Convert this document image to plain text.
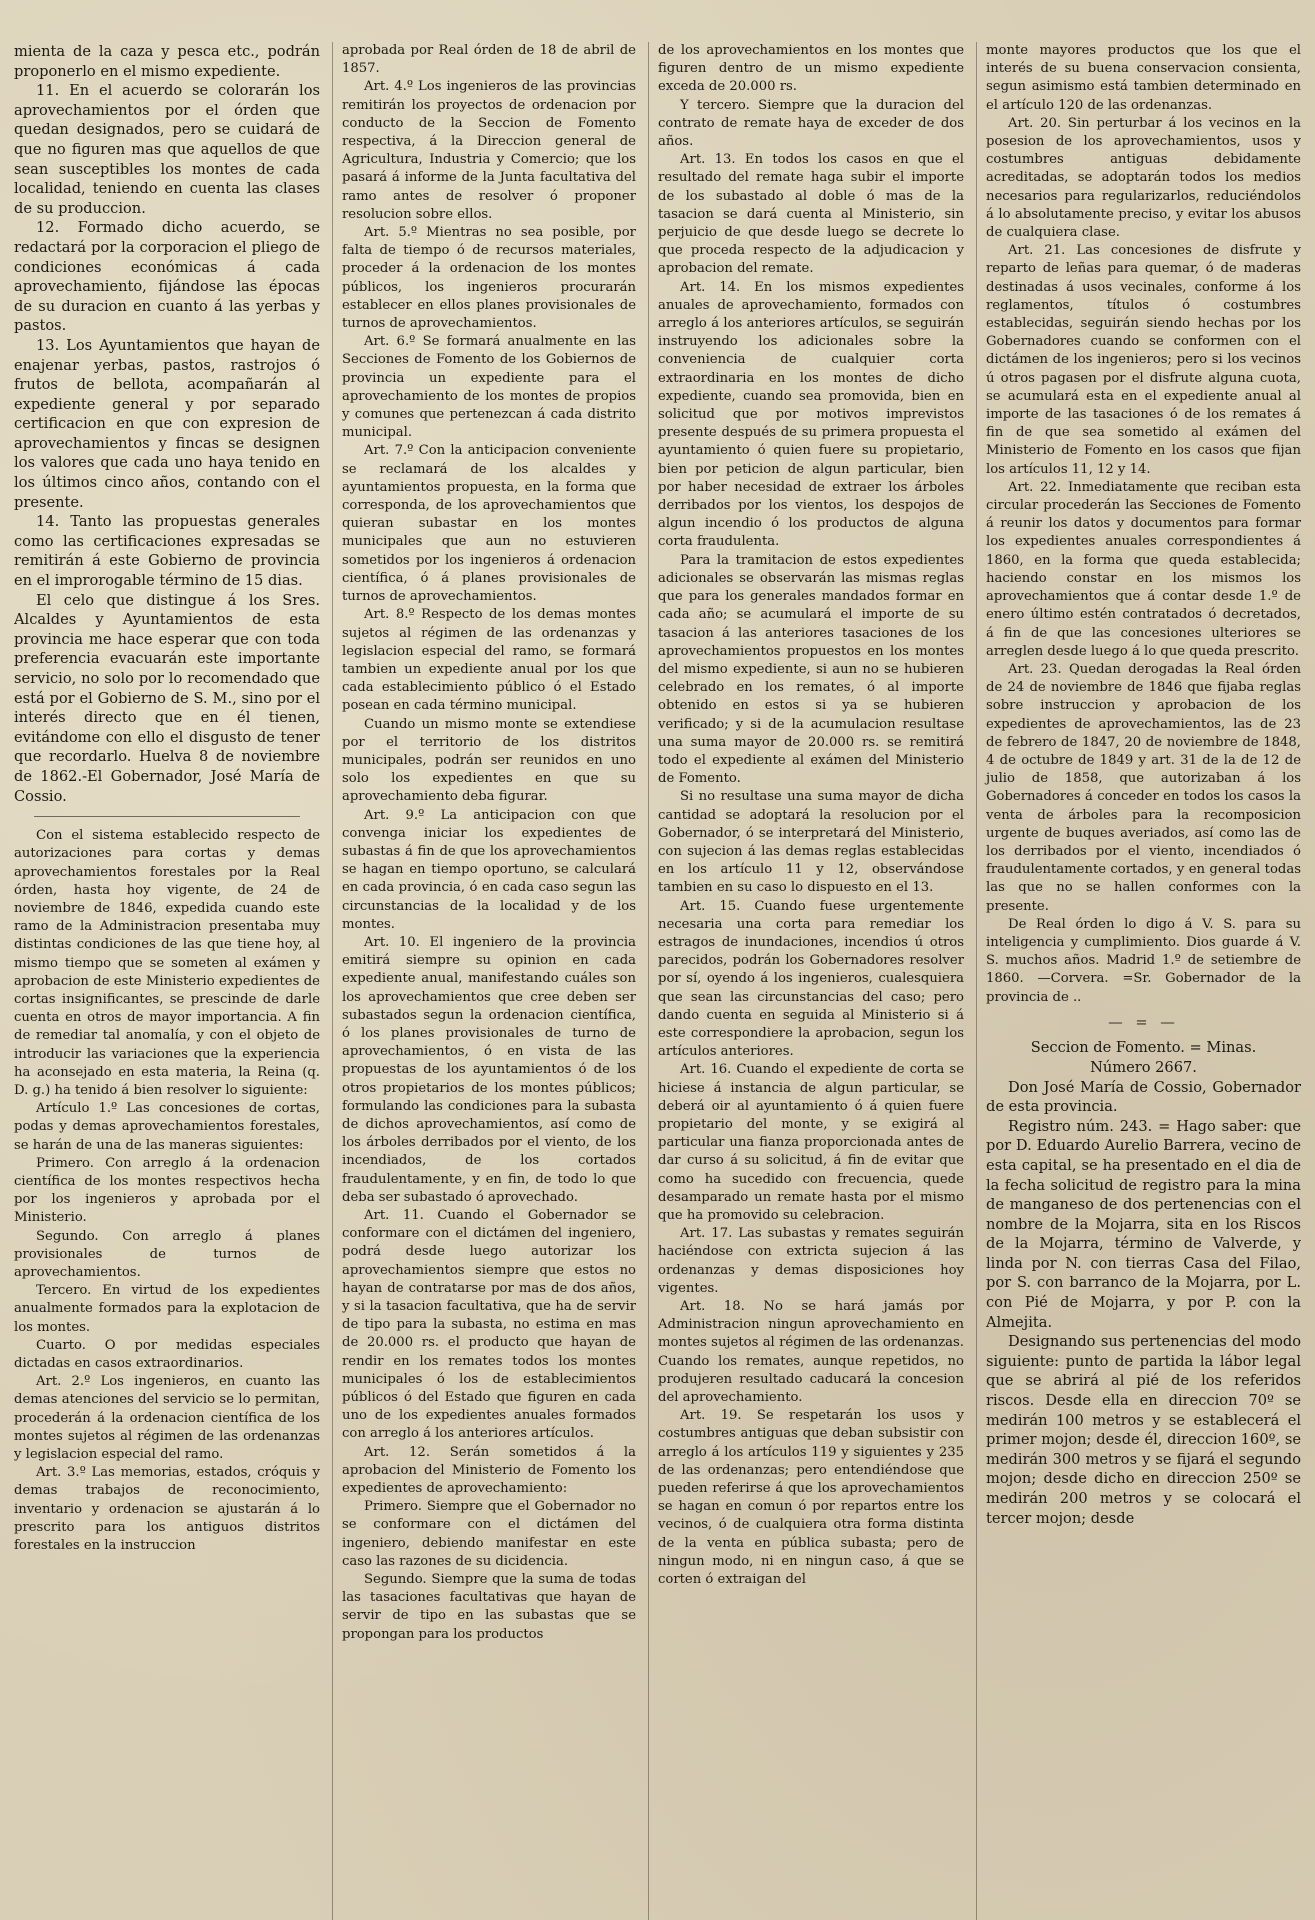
mienta de la caza y pesca etc., podrán proponerlo en el mismo expediente.

11. En el acuerdo se colorarán los aprovechamientos por el órden que quedan designados, pero se cuidará de que no figuren mas que aquellos de que sean susceptibles los montes de cada localidad, teniendo en cuenta las clases de su produccion.

12. Formado dicho acuerdo, se redactará por la corporacion el pliego de condiciones económicas á cada aprovechamiento, fijándose las épocas de su duracion en cuanto á las yerbas y pastos.

13. Los Ayuntamientos que hayan de enajenar yerbas, pastos, rastrojos ó frutos de bellota, acompañarán al expediente general y por separado certificacion en que con expresion de aprovechamientos y fincas se designen los valores que cada uno haya tenido en los últimos cinco años, contando con el presente.

14. Tanto las propuestas generales como las certificaciones expresadas se remitirán á este Gobierno de provincia en el improrogable término de 15 dias.

El celo que distingue á los Sres. Alcaldes y Ayuntamientos de esta provincia me hace esperar que con toda preferencia evacuarán este importante servicio, no solo por lo recomendado que está por el Gobierno de S. M., sino por el interés directo que en él tienen, evitándome con ello el disgusto de tener que recordarlo. Huelva 8 de noviembre de 1862.-El Gobernador, José María de Cossio.

Con el sistema establecido respecto de autorizaciones para cortas y demas aprovechamientos forestales por la Real órden, hasta hoy vigente, de 24 de noviembre de 1846, expedida cuando este ramo de la Administracion presentaba muy distintas condiciones de las que tiene hoy, al mismo tiempo que se someten al exámen y aprobacion de este Ministerio expedientes de cortas insignificantes, se prescinde de darle cuenta en otros de mayor importancia. A fin de remediar tal anomalía, y con el objeto de introducir las variaciones que la experiencia ha aconsejado en esta materia, la Reina (q. D. g.) ha tenido á bien resolver lo siguiente:

Artículo 1.º Las concesiones de cortas, podas y demas aprovechamientos forestales, se harán de una de las maneras siguientes:

Primero. Con arreglo á la ordenacion científica de los montes respectivos hecha por los ingenieros y aprobada por el Ministerio.

Segundo. Con arreglo á planes provisionales de turnos de aprovechamientos.

Tercero. En virtud de los expedientes anualmente formados para la explotacion de los montes.

Cuarto. O por medidas especiales dictadas en casos extraordinarios.

Art. 2.º Los ingenieros, en cuanto las demas atenciones del servicio se lo permitan, procederán á la ordenacion científica de los montes sujetos al régimen de las ordenanzas y legislacion especial del ramo.

Art. 3.º Las memorias, estados, cróquis y demas trabajos de reconocimiento, inventario y ordenacion se ajustarán á lo prescrito para los antiguos distritos forestales en la instruccion

aprobada por Real órden de 18 de abril de 1857.

Art. 4.º Los ingenieros de las provincias remitirán los proyectos de ordenacion por conducto de la Seccion de Fomento respectiva, á la Direccion general de Agricultura, Industria y Comercio; que los pasará á informe de la Junta facultativa del ramo antes de resolver ó proponer resolucion sobre ellos.

Art. 5.º Mientras no sea posible, por falta de tiempo ó de recursos materiales, proceder á la ordenacion de los montes públicos, los ingenieros procurarán establecer en ellos planes provisionales de turnos de aprovechamientos.

Art. 6.º Se formará anualmente en las Secciones de Fomento de los Gobiernos de provincia un expediente para el aprovechamiento de los montes de propios y comunes que pertenezcan á cada distrito municipal.

Art. 7.º Con la anticipacion conveniente se reclamará de los alcaldes y ayuntamientos propuesta, en la forma que corresponda, de los aprovechamientos que quieran subastar en los montes municipales que aun no estuvieren sometidos por los ingenieros á ordenacion científica, ó á planes provisionales de turnos de aprovechamientos.

Art. 8.º Respecto de los demas montes sujetos al régimen de las ordenanzas y legislacion especial del ramo, se formará tambien un expediente anual por los que cada establecimiento público ó el Estado posean en cada término municipal.

Cuando un mismo monte se extendiese por el territorio de los distritos municipales, podrán ser reunidos en uno solo los expedientes en que su aprovechamiento deba figurar.

Art. 9.º La anticipacion con que convenga iniciar los expedientes de subastas á fin de que los aprovechamientos se hagan en tiempo oportuno, se calculará en cada provincia, ó en cada caso segun las circunstancias de la localidad y de los montes.

Art. 10. El ingeniero de la provincia emitirá siempre su opinion en cada expediente anual, manifestando cuáles son los aprovechamientos que cree deben ser subastados segun la ordenacion científica, ó los planes provisionales de turno de aprovechamientos, ó en vista de las propuestas de los ayuntamientos ó de los otros propietarios de los montes públicos; formulando las condiciones para la subasta de dichos aprovechamientos, así como de los árboles derribados por el viento, de los incendiados, de los cortados fraudulentamente, y en fin, de todo lo que deba ser subastado ó aprovechado.

Art. 11. Cuando el Gobernador se conformare con el dictámen del ingeniero, podrá desde luego autorizar los aprovechamientos siempre que estos no hayan de contratarse por mas de dos años, y si la tasacion facultativa, que ha de servir de tipo para la subasta, no estima en mas de 20.000 rs. el producto que hayan de rendir en los remates todos los montes municipales ó los de establecimientos públicos ó del Estado que figuren en cada uno de los expedientes anuales formados con arreglo á los anteriores artículos.

Art. 12. Serán sometidos á la aprobacion del Ministerio de Fomento los expedientes de aprovechamiento:

Primero. Siempre que el Gobernador no se conformare con el dictámen del ingeniero, debiendo manifestar en este caso las razones de su dicidencia.

Segundo. Siempre que la suma de todas las tasaciones facultativas que hayan de servir de tipo en las subastas que se propongan para los productos

de los aprovechamientos en los montes que figuren dentro de un mismo expediente exceda de 20.000 rs.

Y tercero. Siempre que la duracion del contrato de remate haya de exceder de dos años.

Art. 13. En todos los casos en que el resultado del remate haga subir el importe de los subastado al doble ó mas de la tasacion se dará cuenta al Ministerio, sin perjuicio de que desde luego se decrete lo que proceda respecto de la adjudicacion y aprobacion del remate.

Art. 14. En los mismos expedientes anuales de aprovechamiento, formados con arreglo á los anteriores artículos, se seguirán instruyendo los adicionales sobre la conveniencia de cualquier corta extraordinaria en los montes de dicho expediente, cuando sea promovida, bien en solicitud que por motivos imprevistos presente después de su primera propuesta el ayuntamiento ó quien fuere su propietario, bien por peticion de algun particular, bien por haber necesidad de extraer los árboles derribados por los vientos, los despojos de algun incendio ó los productos de alguna corta fraudulenta.

Para la tramitacion de estos expedientes adicionales se observarán las mismas reglas que para los generales mandados formar en cada año; se acumulará el importe de su tasacion á las anteriores tasaciones de los aprovechamientos propuestos en los montes del mismo expediente, si aun no se hubieren celebrado en los remates, ó al importe obtenido en estos si ya se hubieren verificado; y si de la acumulacion resultase una suma mayor de 20.000 rs. se remitirá todo el expediente al exámen del Ministerio de Fomento.

Si no resultase una suma mayor de dicha cantidad se adoptará la resolucion por el Gobernador, ó se interpretará del Ministerio, con sujecion á las demas reglas establecidas en los artículo 11 y 12, observándose tambien en su caso lo dispuesto en el 13.

Art. 15. Cuando fuese urgentemente necesaria una corta para remediar los estragos de inundaciones, incendios ú otros parecidos, podrán los Gobernadores resolver por sí, oyendo á los ingenieros, cualesquiera que sean las circunstancias del caso; pero dando cuenta en seguida al Ministerio si á este correspondiere la aprobacion, segun los artículos anteriores.

Art. 16. Cuando el expediente de corta se hiciese á instancia de algun particular, se deberá oir al ayuntamiento ó á quien fuere propietario del monte, y se exigirá al particular una fianza proporcionada antes de dar curso á su solicitud, á fin de evitar que como ha sucedido con frecuencia, quede desamparado un remate hasta por el mismo que ha promovido su celebracion.

Art. 17. Las subastas y remates seguirán haciéndose con extricta sujecion á las ordenanzas y demas disposiciones hoy vigentes.

Art. 18. No se hará jamás por Administracion ningun aprovechamiento en montes sujetos al régimen de las ordenanzas. Cuando los remates, aunque repetidos, no produjeren resultado caducará la concesion del aprovechamiento.

Art. 19. Se respetarán los usos y costumbres antiguas que deban subsistir con arreglo á los artículos 119 y siguientes y 235 de las ordenanzas; pero entendiéndose que pueden referirse á que los aprovechamientos se hagan en comun ó por repartos entre los vecinos, ó de cualquiera otra forma distinta de la venta en pública subasta; pero de ningun modo, ni en ningun caso, á que se corten ó extraigan del

monte mayores productos que los que el interés de su buena conservacion consienta, segun asimismo está tambien determinado en el artículo 120 de las ordenanzas.

Art. 20. Sin perturbar á los vecinos en la posesion de los aprovechamientos, usos y costumbres antiguas debidamente acreditadas, se adoptarán todos los medios necesarios para regularizarlos, reduciéndolos á lo absolutamente preciso, y evitar los abusos de cualquiera clase.

Art. 21. Las concesiones de disfrute y reparto de leñas para quemar, ó de maderas destinadas á usos vecinales, conforme á los reglamentos, títulos ó costumbres establecidas, seguirán siendo hechas por los Gobernadores cuando se conformen con el dictámen de los ingenieros; pero si los vecinos ú otros pagasen por el disfrute alguna cuota, se acumulará esta en el expediente anual al importe de las tasaciones ó de los remates á fin de que sea sometido al exámen del Ministerio de Fomento en los casos que fijan los artículos 11, 12 y 14.

Art. 22. Inmediatamente que reciban esta circular procederán las Secciones de Fomento á reunir los datos y documentos para formar los expedientes anuales correspondientes á 1860, en la forma que queda establecida; haciendo constar en los mismos los aprovechamientos que á contar desde 1.º de enero último estén contratados ó decretados, á fin de que las concesiones ulteriores se arreglen desde luego á lo que queda prescrito.

Art. 23. Quedan derogadas la Real órden de 24 de noviembre de 1846 que fijaba reglas sobre instruccion y aprobacion de los expedientes de aprovechamientos, las de 23 de febrero de 1847, 20 de noviembre de 1848, 4 de octubre de 1849 y art. 31 de la de 12 de julio de 1858, que autorizaban á los Gobernadores á conceder en todos los casos la venta de árboles para la recomposicion urgente de buques averiados, así como las de los derribados por el viento, incendiados ó fraudulentamente cortados, y en general todas las que no se hallen conformes con la presente.

De Real órden lo digo á V. S. para su inteligencia y cumplimiento. Dios guarde á V. S. muchos años. Madrid 1.º de setiembre de 1860. —Corvera. =Sr. Gobernador de la provincia de ..

— = —

Seccion de Fomento. = Minas.

Número 2667.

Don José María de Cossio, Gobernador de esta provincia.

Registro núm. 243. = Hago saber: que por D. Eduardo Aurelio Barrera, vecino de esta capital, se ha presentado en el dia de la fecha solicitud de registro para la mina de manganeso de dos pertenencias con el nombre de la Mojarra, sita en los Riscos de la Mojarra, término de Valverde, y linda por N. con tierras Casa del Filao, por S. con barranco de la Mojarra, por L. con Pié de Mojarra, y por P. con la Almejita.

Designando sus pertenencias del modo siguiente: punto de partida la lábor legal que se abrirá al pié de los referidos riscos. Desde ella en direccion 70º se medirán 100 metros y se establecerá el primer mojon; desde él, direccion 160º, se medirán 300 metros y se fijará el segundo mojon; desde dicho en direccion 250º se medirán 200 metros y se colocará el tercer mojon; desde
